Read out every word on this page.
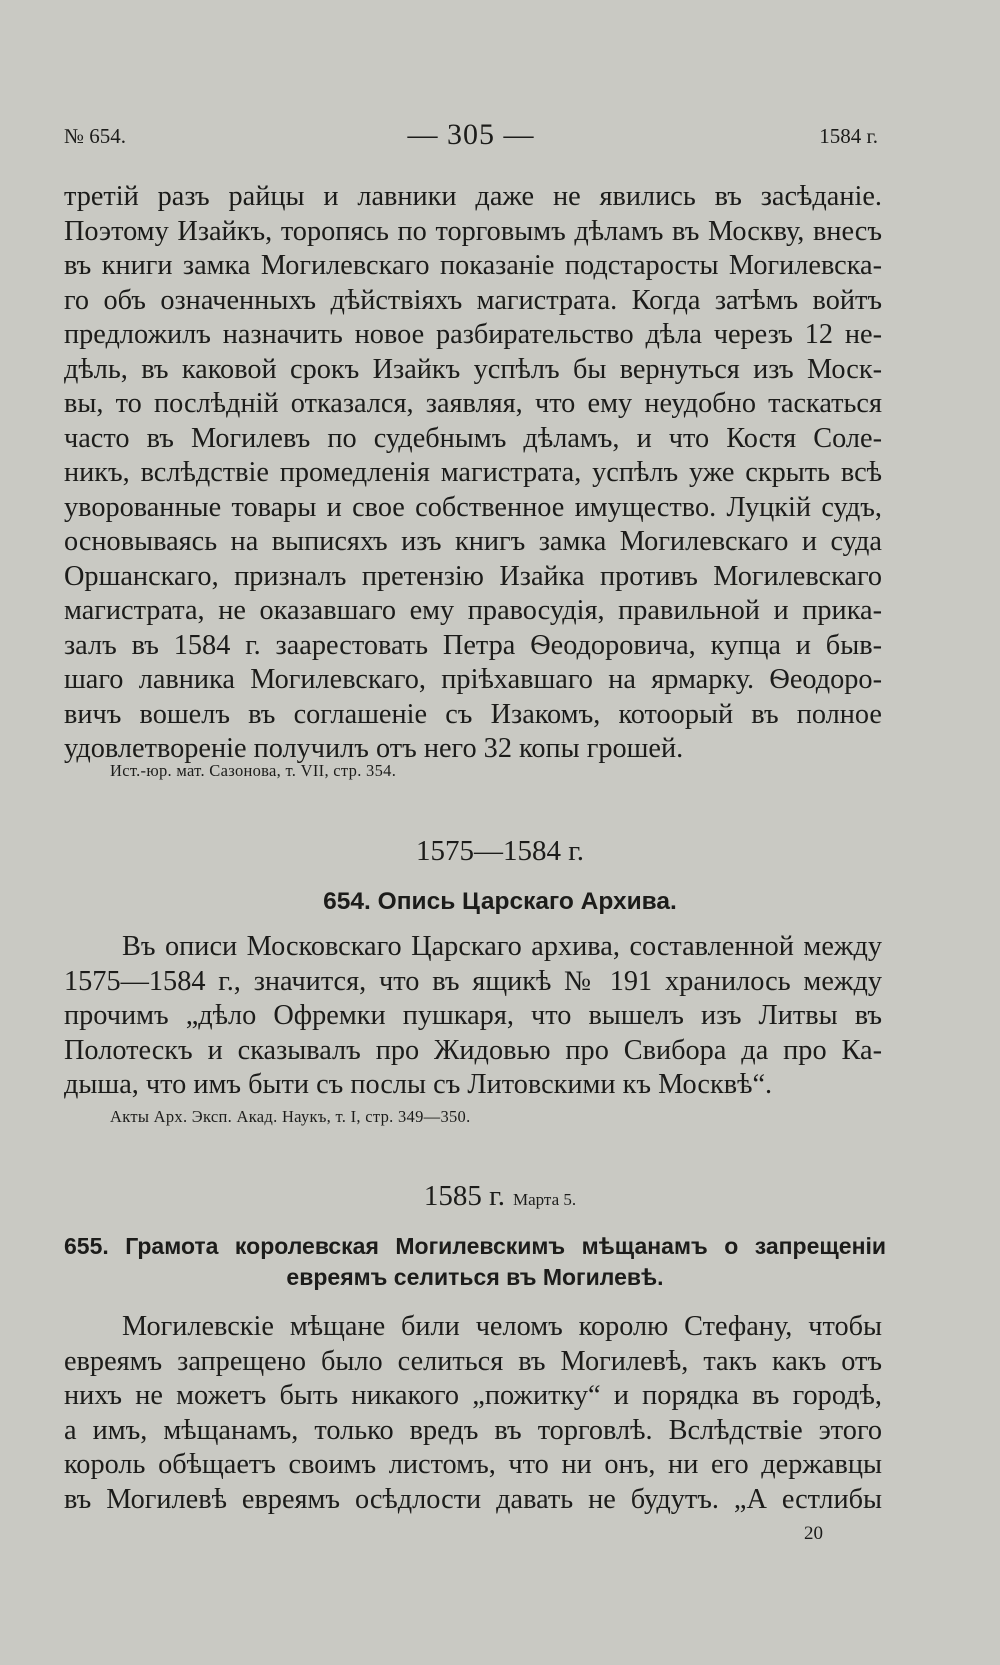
№ 654.	— 305 —	1584 г.
третій разъ райцы и лавники даже не явились въ засѣданіе.
Поэтому Изайкъ, торопясь по торговымъ дѣламъ въ Москву, внесъ
въ книги замка Могилевскаго показаніе подстаросты Могилевска-
го объ означенныхъ дѣйствіяхъ магистрата. Когда затѣмъ войтъ
предложилъ назначить новое разбирательство дѣла черезъ 12 не-
дѣль, въ каковой срокъ Изайкъ успѣлъ бы вернуться изъ Моск-
вы, то послѣдній отказался, заявляя, что ему неудобно таскаться
часто въ Могилевъ по судебнымъ дѣламъ, и что Костя Соле-
никъ, вслѣдствіе промедленія магистрата, успѣлъ уже скрыть всѣ
уворованные товары и свое собственное имущество. Луцкій судъ,
основываясь на выписяхъ изъ книгъ замка Могилевскаго и суда
Оршанскаго, призналъ претензію Изайка противъ Могилевскаго
магистрата, не оказавшаго ему правосудія, правильной и прика-
залъ въ 1584 г. заарестовать Петра Ѳеодоровича, купца и быв-
шаго лавника Могилевскаго, пріѣхавшаго на ярмарку. Ѳеодоро-
вичъ вошелъ въ соглашеніе съ Изакомъ, котоорый въ полное
удовлетвореніе получилъ отъ него 32 копы грошей.
Ист.-юр. мат. Сазонова, т. VII, стр. 354.
1575—1584 г.
654. Опись Царскаго Архива.
Въ описи Московскаго Царскаго архива, составленной между
1575—1584 г., значится, что въ ящикѣ № 191 хранилось между
прочимъ „дѣло Офремки пушкаря, что вышелъ изъ Литвы въ
Полотескъ и сказывалъ про Жидовью про Свибора да про Ка-
дыша, что имъ быти съ послы съ Литовскими къ Москвѣ“.
Акты Арх. Эксп. Акад. Наукъ, т. I, стр. 349—350.
1585 г. Марта 5.
655. Грамота королевская Могилевскимъ мѣщанамъ о запрещеніи
евреямъ селиться въ Могилевѣ.
Могилевскіе мѣщане били челомъ королю Стефану, чтобы
евреямъ запрещено было селиться въ Могилевѣ, такъ какъ отъ
нихъ не можетъ быть никакого „пожитку“ и порядка въ городѣ,
а имъ, мѣщанамъ, только вредъ въ торговлѣ. Вслѣдствіе этого
король обѣщаетъ своимъ листомъ, что ни онъ, ни его державцы
въ Могилевѣ евреямъ осѣдлости давать не будутъ. „А естлибы
20
